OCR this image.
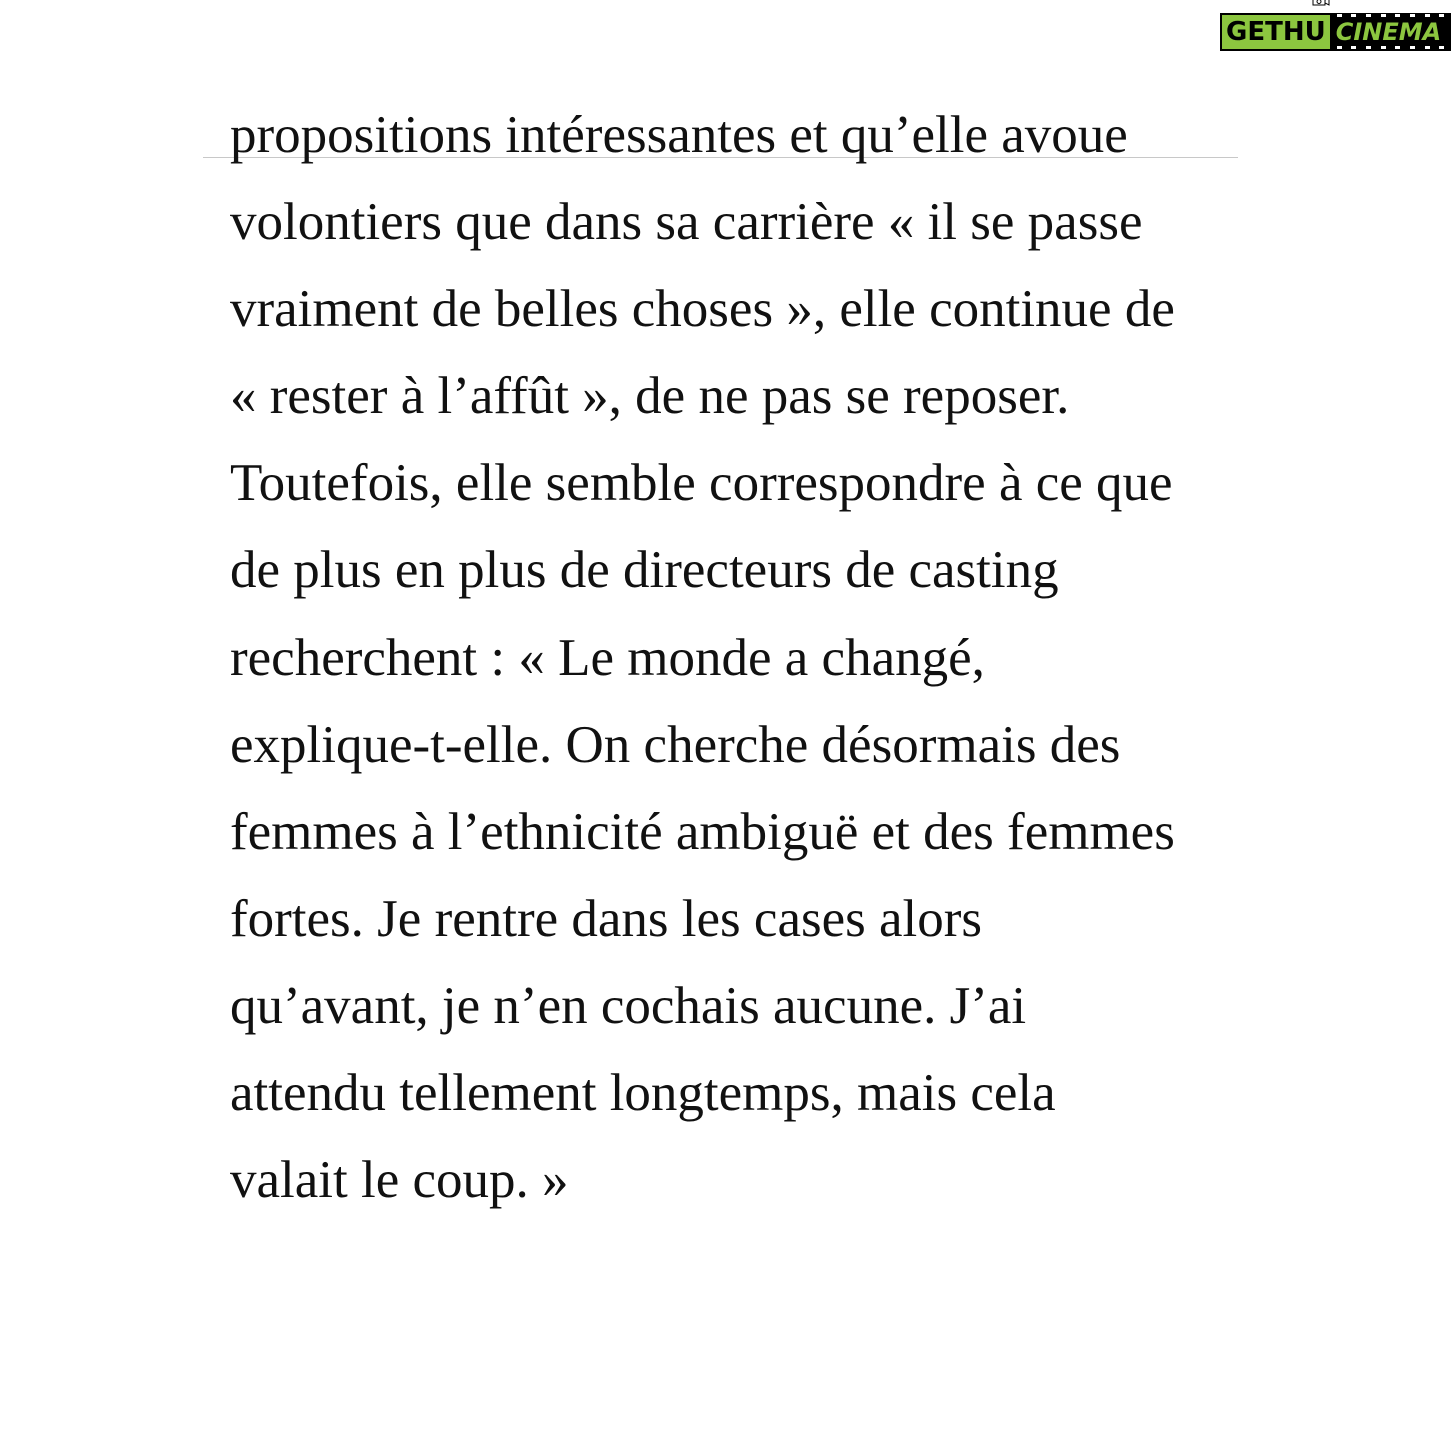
GETHU CINEMA
propositions intéressantes et qu’elle avoue
volontiers que dans sa carrière « il se passe
vraiment de belles choses », elle continue de
« rester à l’affût », de ne pas se reposer.
Toutefois, elle semble correspondre à ce que
de plus en plus de directeurs de casting
recherchent : « Le monde a changé,
explique-t-elle. On cherche désormais des
femmes à l’ethnicité ambiguë et des femmes
fortes. Je rentre dans les cases alors
qu’avant, je n’en cochais aucune. J’ai
attendu tellement longtemps, mais cela
valait le coup. »
